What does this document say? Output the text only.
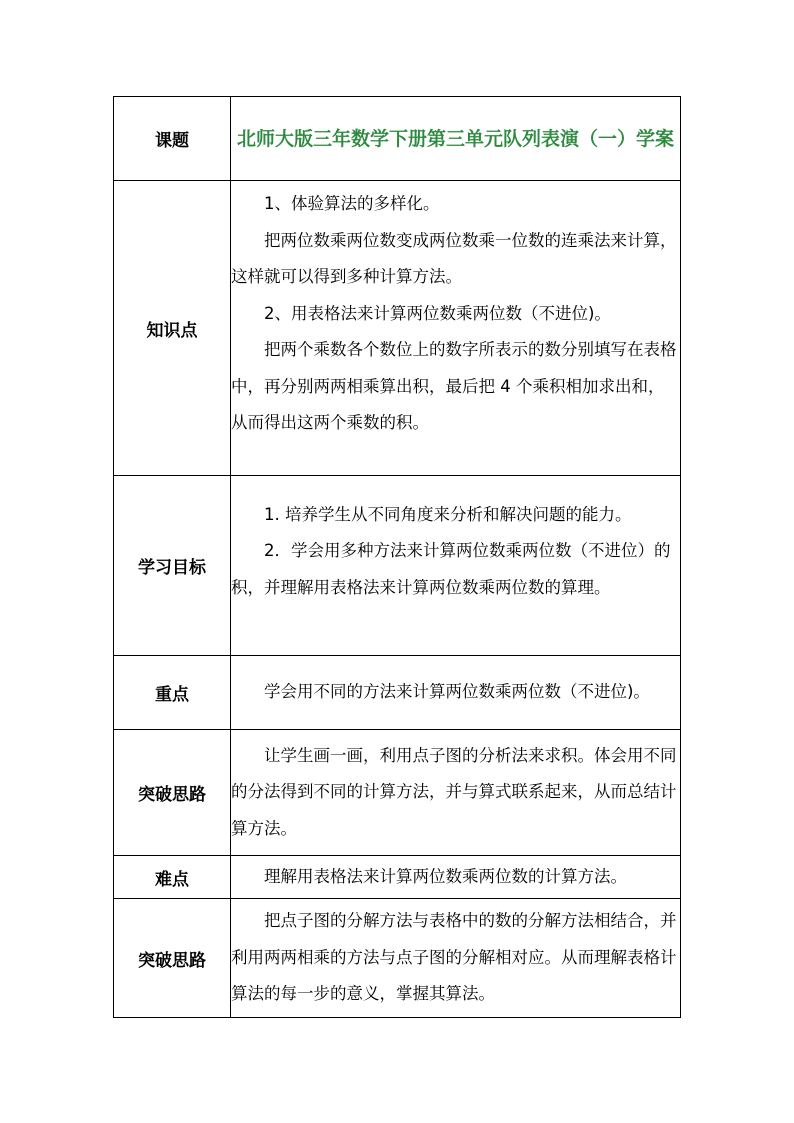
课题	北师大版三年数学下册第三单元队列表演（一）学案
知识点	1、体验算法的多样化。

把两位数乘两位数变成两位数乘一位数的连乘法来计算，这样就可以得到多种计算方法。

2、用表格法来计算两位数乘两位数（不进位)。

把两个乘数各个数位上的数字所表示的数分别填写在表格中，再分别两两相乘算出积，最后把 4 个乘积相加求出和，从而得出这两个乘数的积。

学习目标	1. 培养学生从不同角度来分析和解决问题的能力。

2．学会用多种方法来计算两位数乘两位数（不进位）的积，并理解用表格法来计算两位数乘两位数的算理。

重点	学会用不同的方法来计算两位数乘两位数（不进位)。

突破思路	让学生画一画，利用点子图的分析法来求积。体会用不同的分法得到不同的计算方法，并与算式联系起来，从而总结计算方法。

难点	理解用表格法来计算两位数乘两位数的计算方法。

突破思路	把点子图的分解方法与表格中的数的分解方法相结合，并利用两两相乘的方法与点子图的分解相对应。从而理解表格计算法的每一步的意义，掌握其算法。
